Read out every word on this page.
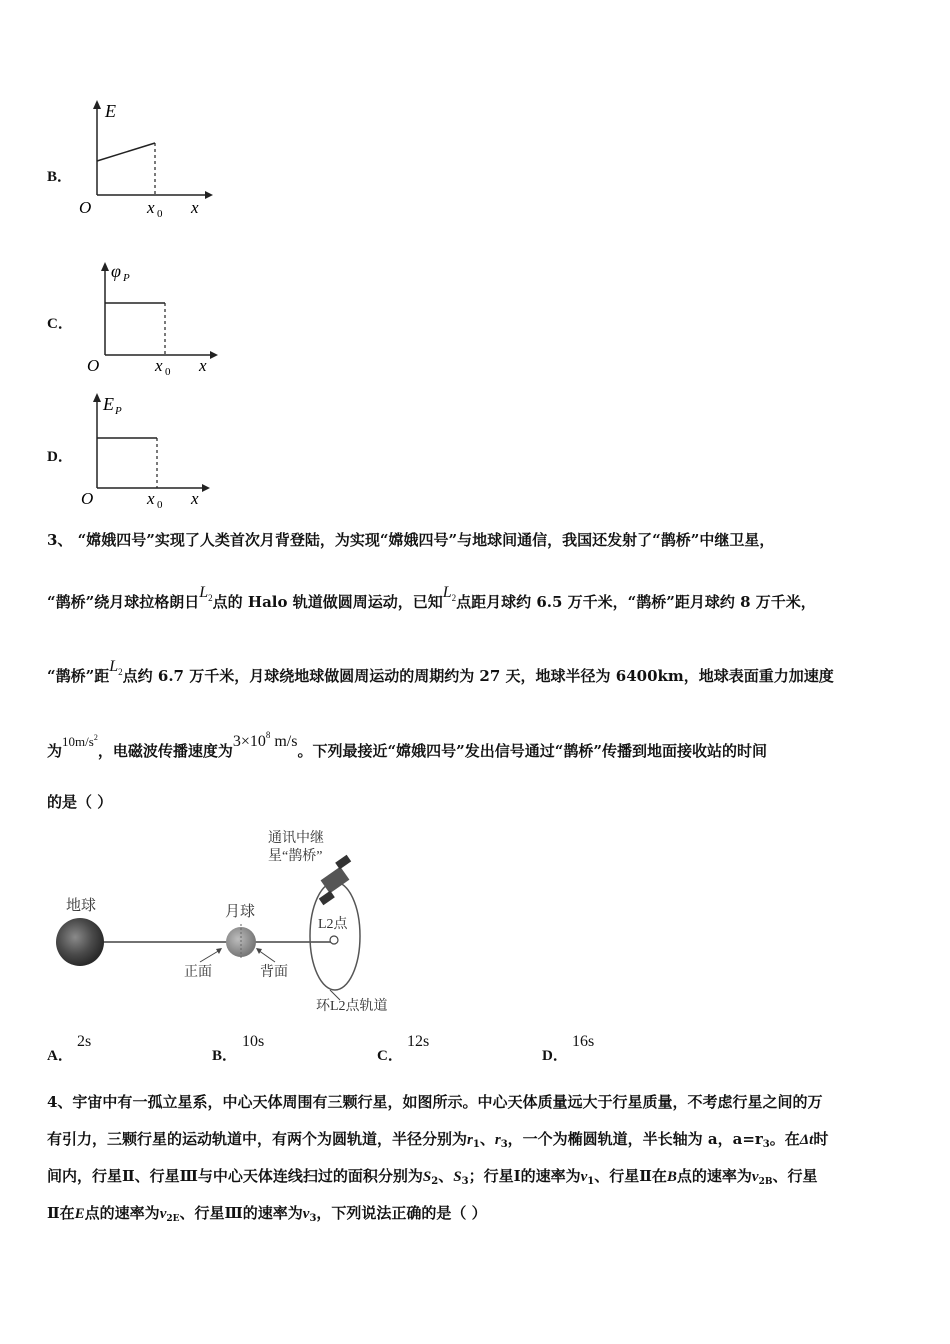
B．
E
O	x 0 x
C．
φ P
O	x 0 x
D．
E P
O	x 0 x
3、 “嫦娥四号”实现了人类首次月背登陆，为实现“嫦娥四号”与地球间通信，我国还发射了“鹊桥”中继卫星，
“鹊桥”绕月球拉格朗日$L^2$点的 Halo 轨道做圆周运动，已知$L^2$点距月球约 6.5 万千米，“鹊桥”距月球约 8 万千米，
“鹊桥”距$L^2$点约 6.7 万千米，月球绕地球做圆周运动的周期约为 27 天，地球半径为 6400km，地球表面重力加速度
为$10m/s^2$，电磁波传播速度为$3\times 10^8$ m/s。下列最接近“嫦娥四号”发出信号通过“鹊桥”传播到地面接收站的时间
的是（ ）
地球	月球
正面	背面
L2点
通讯中继
星“鹊桥”
环L2点轨道
A．
2s
B．
10s
C．
12s
D．
16s
4、宇宙中有一孤立星系，中心天体周围有三颗行星，如图所示。中心天体质量远大于行星质量，不考虑行星之间的万
有引力，三颗行星的运动轨道中，有两个为圆轨道，半径分别为$r_1$、$r_3$，一个为椭圆轨道，半长轴为 a，$a=r_3$。在Δt时
间内，行星Ⅱ、行星Ⅲ与中心天体连线扫过的面积分别为$S_2$、$S_3$；行星Ⅰ的速率为$v_1$、行星Ⅱ在B点的速率为$v_{2B}$、行星
Ⅱ在E点的速率为$v_{2E}$、行星Ⅲ的速率为$v_3$，下列说法正确的是（ ）
